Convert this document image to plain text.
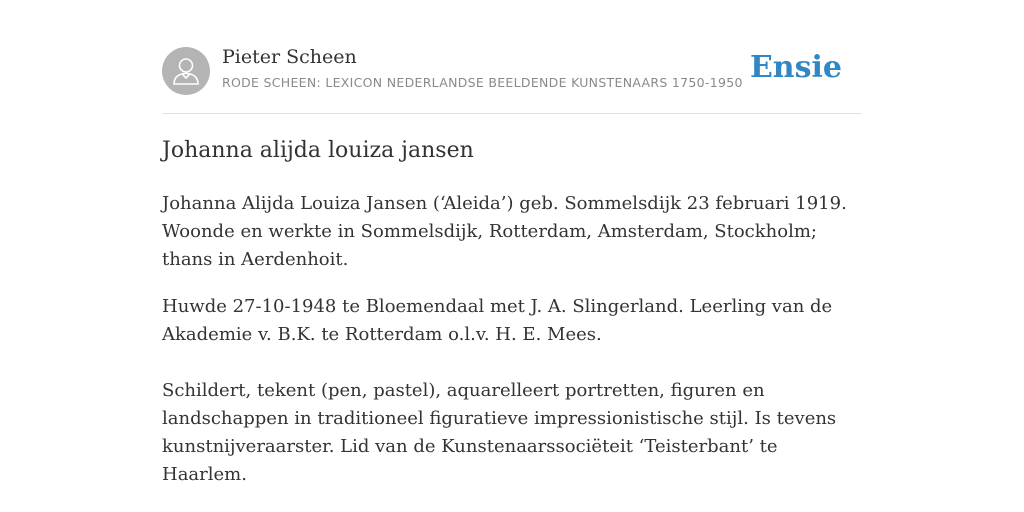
Pieter Scheen
RODE SCHEEN: LEXICON NEDERLANDSE BEELDENDE KUNSTENAARS 1750-1950 Ensie
Johanna alijda louiza jansen

Johanna Alijda Louiza Jansen (‘Aleida’) geb. Sommelsdijk 23 februari 1919. Woonde en werkte in Sommelsdijk, Rotterdam, Amsterdam, Stockholm; thans in Aerdenhoit.

Huwde 27-10-1948 te Bloemendaal met J. A. Slingerland. Leerling van de Akademie v. B.K. te Rotterdam o.l.v. H. E. Mees.

Schildert, tekent (pen, pastel), aquarelleert portretten, figuren en landschappen in traditioneel figuratieve impressionistische stijl. Is tevens kunstnijveraarster. Lid van de Kunstenaarssociëteit ‘Teisterbant’ te Haarlem.
